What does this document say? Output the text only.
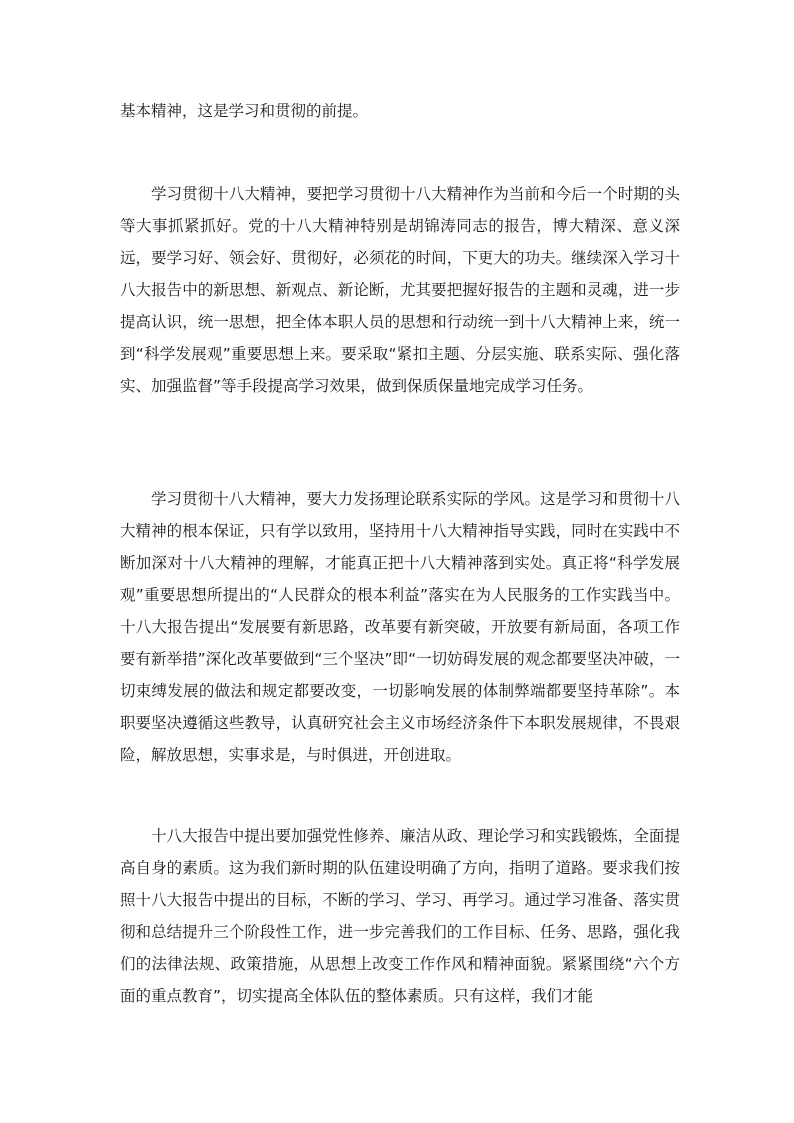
基本精神，这是学习和贯彻的前提。

学习贯彻十八大精神，要把学习贯彻十八大精神作为当前和今后一个时期的头等大事抓紧抓好。党的十八大精神特别是胡锦涛同志的报告，博大精深、意义深远，要学习好、领会好、贯彻好，必须花的时间，下更大的功夫。继续深入学习十八大报告中的新思想、新观点、新论断，尤其要把握好报告的主题和灵魂，进一步提高认识，统一思想，把全体本职人员的思想和行动统一到十八大精神上来，统一到“科学发展观”重要思想上来。要采取“紧扣主题、分层实施、联系实际、强化落实、加强监督”等手段提高学习效果，做到保质保量地完成学习任务。

学习贯彻十八大精神，要大力发扬理论联系实际的学风。这是学习和贯彻十八大精神的根本保证，只有学以致用，坚持用十八大精神指导实践，同时在实践中不断加深对十八大精神的理解，才能真正把十八大精神落到实处。真正将“科学发展观”重要思想所提出的“人民群众的根本利益”落实在为人民服务的工作实践当中。十八大报告提出“发展要有新思路，改革要有新突破，开放要有新局面，各项工作要有新举措”深化改革要做到“三个坚决”即“一切妨碍发展的观念都要坚决冲破，一切束缚发展的做法和规定都要改变，一切影响发展的体制弊端都要坚持革除”。本职要坚决遵循这些教导，认真研究社会主义市场经济条件下本职发展规律，不畏艰险，解放思想，实事求是，与时俱进，开创进取。

十八大报告中提出要加强党性修养、廉洁从政、理论学习和实践锻炼，全面提高自身的素质。这为我们新时期的队伍建设明确了方向，指明了道路。要求我们按照十八大报告中提出的目标，不断的学习、学习、再学习。通过学习准备、落实贯彻和总结提升三个阶段性工作，进一步完善我们的工作目标、任务、思路，强化我们的法律法规、政策措施，从思想上改变工作作风和精神面貌。紧紧围绕“六个方面的重点教育”，切实提高全体队伍的整体素质。只有这样，我们才能
